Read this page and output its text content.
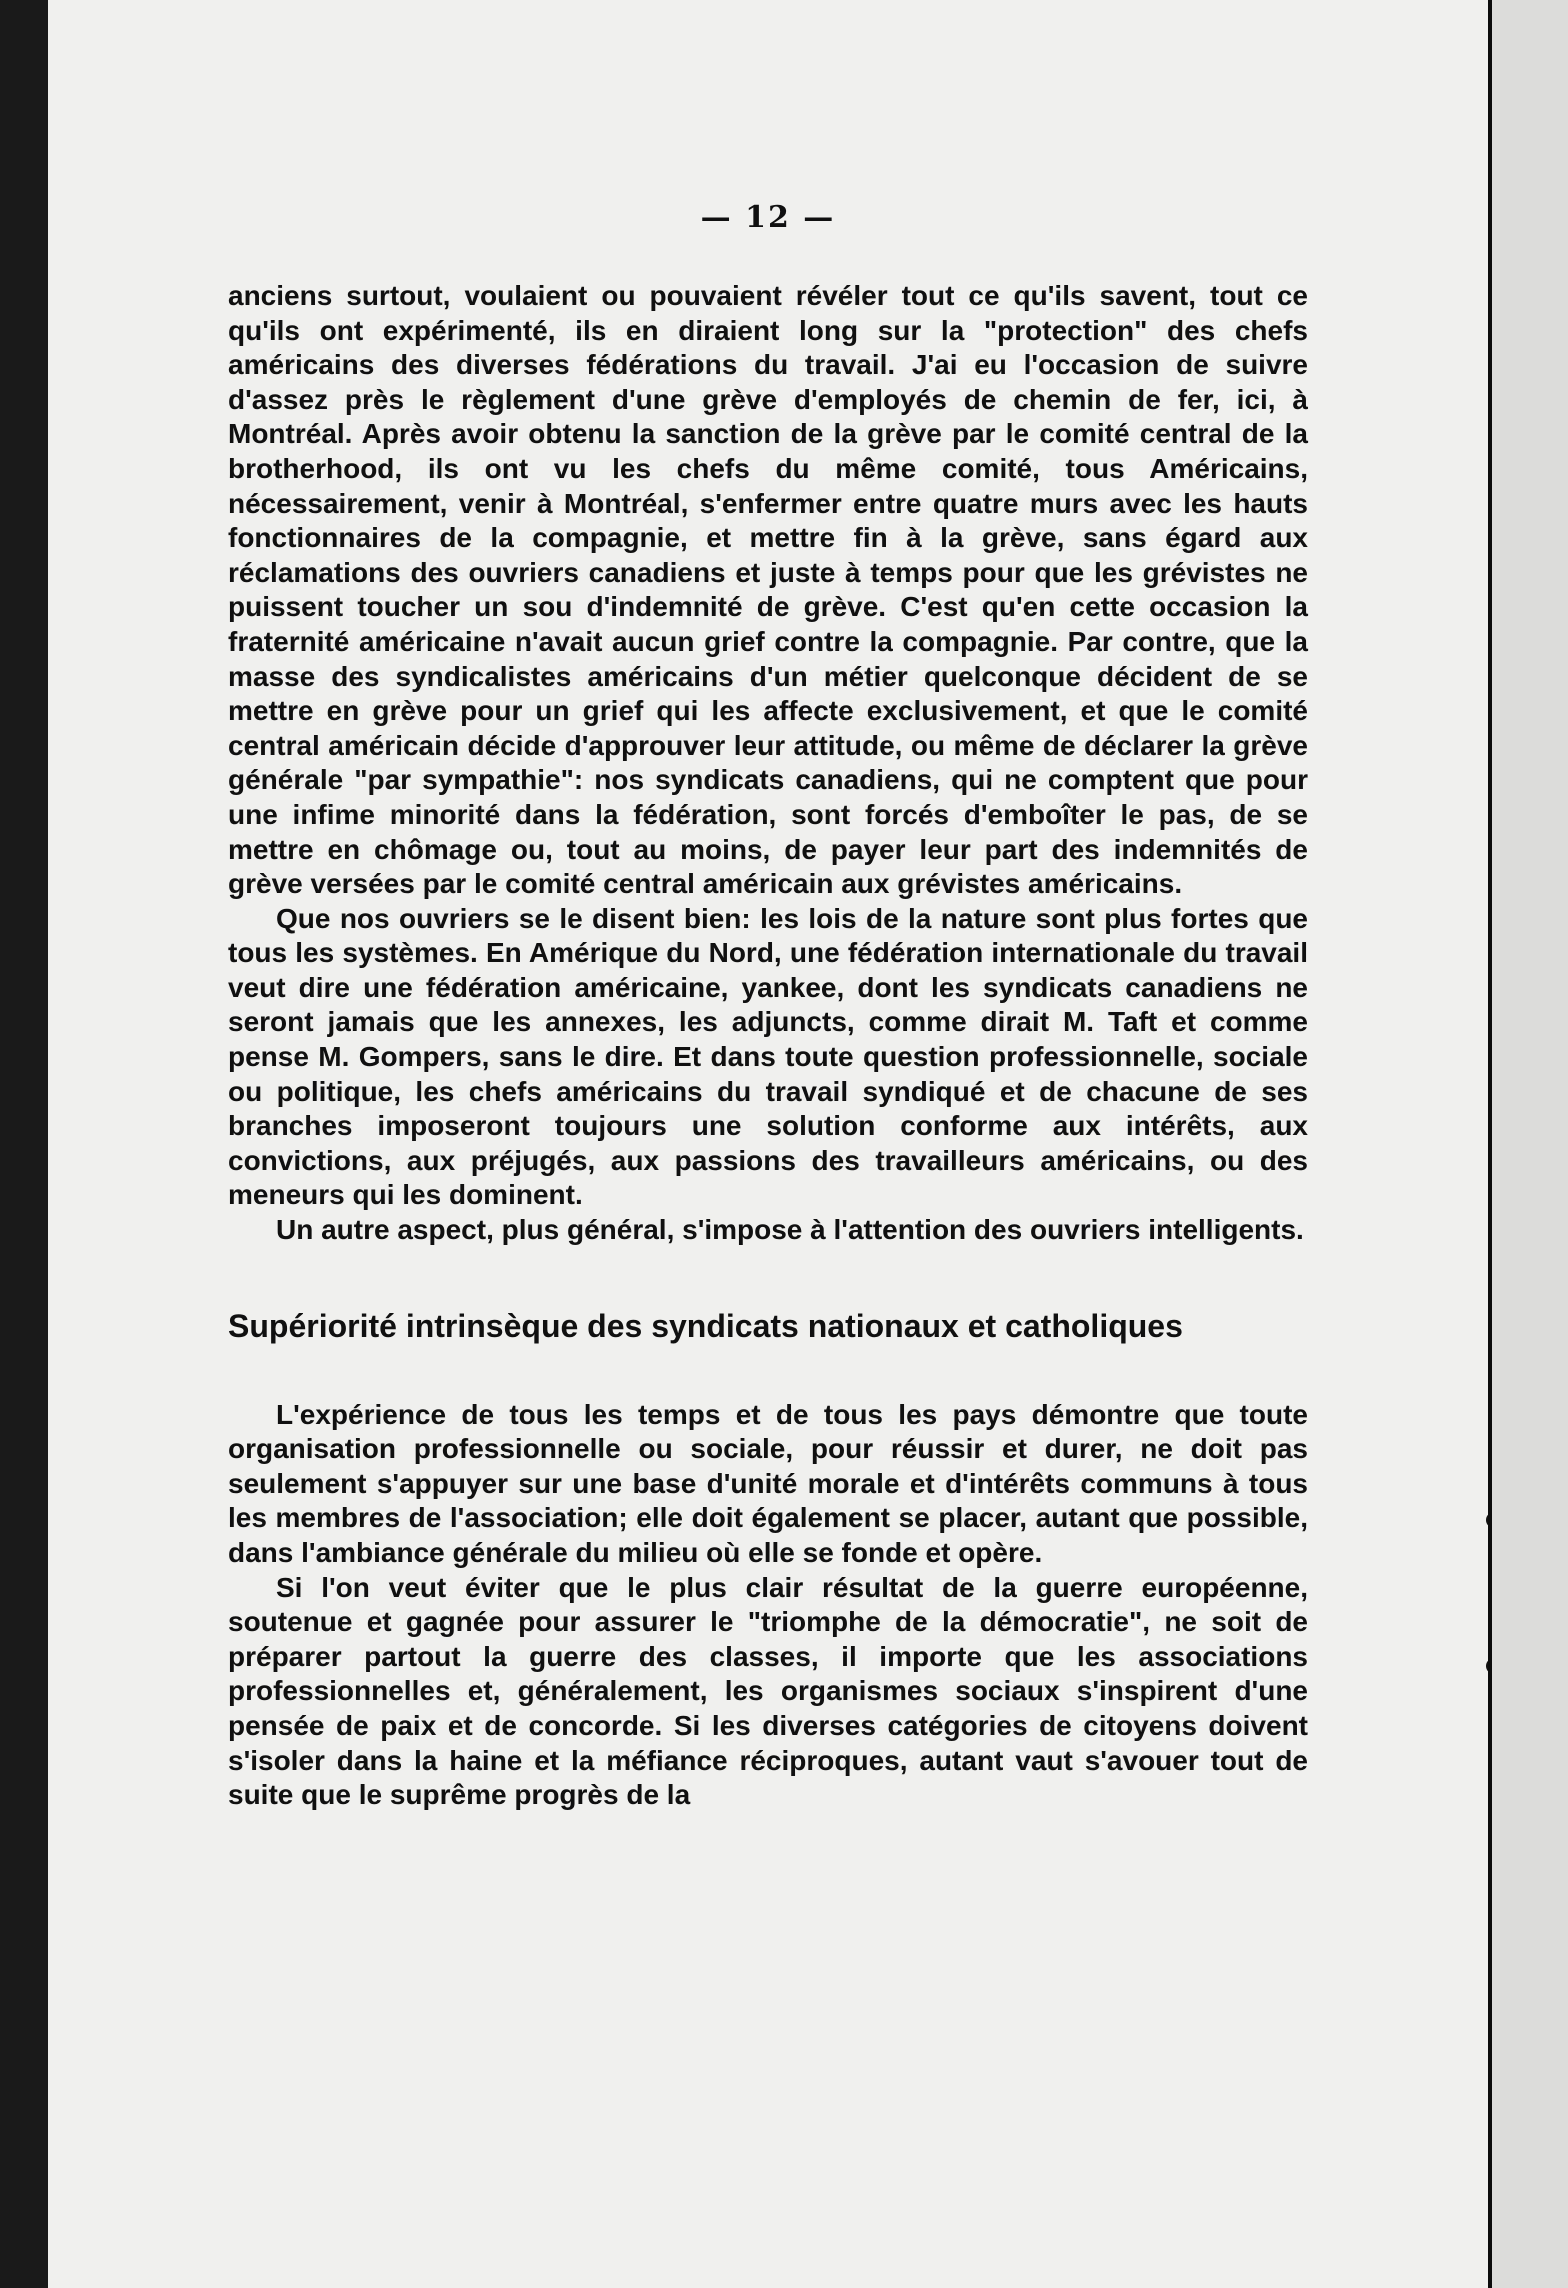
— 12 —

anciens surtout, voulaient ou pouvaient révéler tout ce qu'ils savent, tout ce qu'ils ont expérimenté, ils en diraient long sur la "protection" des chefs américains des diverses fédérations du travail. J'ai eu l'occasion de suivre d'assez près le règlement d'une grève d'employés de chemin de fer, ici, à Montréal. Après avoir obtenu la sanction de la grève par le comité central de la brotherhood, ils ont vu les chefs du même comité, tous Américains, nécessairement, venir à Montréal, s'enfermer entre quatre murs avec les hauts fonctionnaires de la compagnie, et mettre fin à la grève, sans égard aux réclamations des ouvriers canadiens et juste à temps pour que les grévistes ne puissent toucher un sou d'indemnité de grève. C'est qu'en cette occasion la fraternité américaine n'avait aucun grief contre la compagnie. Par contre, que la masse des syndicalistes américains d'un métier quelconque décident de se mettre en grève pour un grief qui les affecte exclusivement, et que le comité central américain décide d'approuver leur attitude, ou même de déclarer la grève générale "par sympathie": nos syndicats canadiens, qui ne comptent que pour une infime minorité dans la fédération, sont forcés d'emboîter le pas, de se mettre en chômage ou, tout au moins, de payer leur part des indemnités de grève versées par le comité central américain aux grévistes américains.

Que nos ouvriers se le disent bien: les lois de la nature sont plus fortes que tous les systèmes. En Amérique du Nord, une fédération internationale du travail veut dire une fédération américaine, yankee, dont les syndicats canadiens ne seront jamais que les annexes, les adjuncts, comme dirait M. Taft et comme pense M. Gompers, sans le dire. Et dans toute question professionnelle, sociale ou politique, les chefs américains du travail syndiqué et de chacune de ses branches imposeront toujours une solution conforme aux intérêts, aux convictions, aux préjugés, aux passions des travailleurs américains, ou des meneurs qui les dominent.

Un autre aspect, plus général, s'impose à l'attention des ouvriers intelligents.

Supériorité intrinsèque des syndicats nationaux et catholiques

L'expérience de tous les temps et de tous les pays démontre que toute organisation professionnelle ou sociale, pour réussir et durer, ne doit pas seulement s'appuyer sur une base d'unité morale et d'intérêts communs à tous les membres de l'association; elle doit également se placer, autant que possible, dans l'ambiance générale du milieu où elle se fonde et opère.

Si l'on veut éviter que le plus clair résultat de la guerre européenne, soutenue et gagnée pour assurer le "triomphe de la démocratie", ne soit de préparer partout la guerre des classes, il importe que les associations professionnelles et, généralement, les organismes sociaux s'inspirent d'une pensée de paix et de concorde. Si les diverses catégories de citoyens doivent s'isoler dans la haine et la méfiance réciproques, autant vaut s'avouer tout de suite que le suprême progrès de la
